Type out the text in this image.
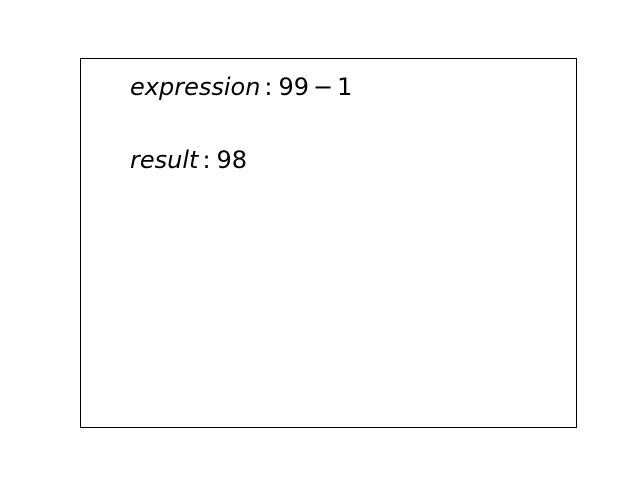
expression : 99 − 1
result : 98
